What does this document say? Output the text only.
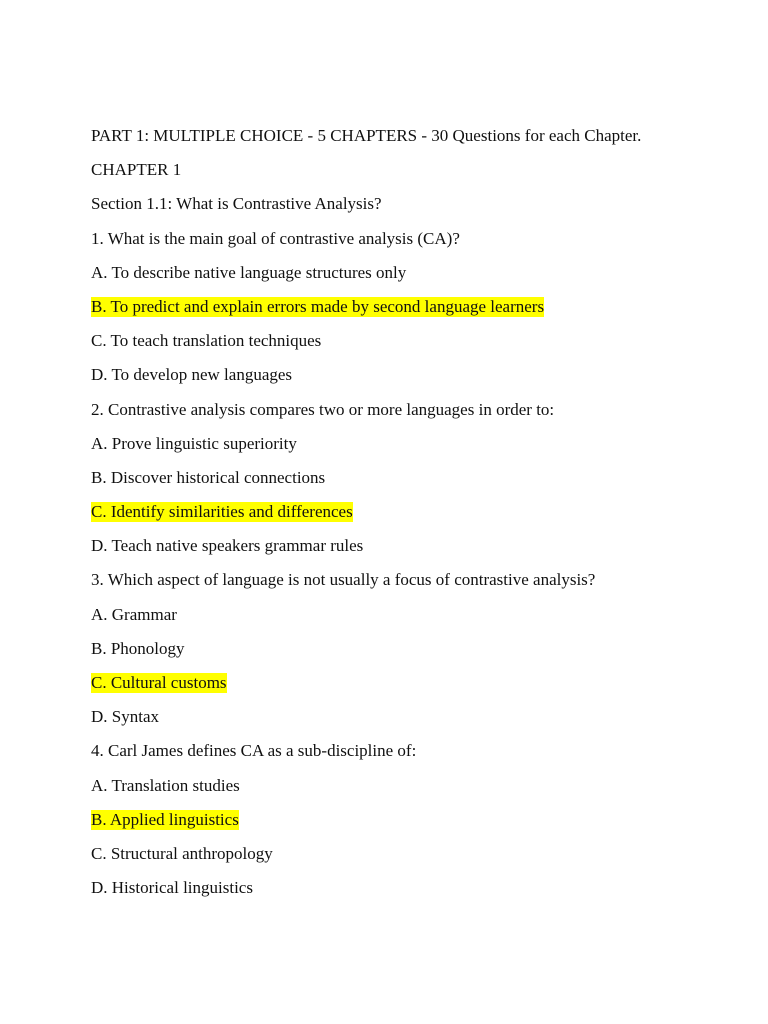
PART 1: MULTIPLE CHOICE - 5 CHAPTERS - 30 Questions for each Chapter.
CHAPTER 1
Section 1.1: What is Contrastive Analysis?
1. What is the main goal of contrastive analysis (CA)?
A. To describe native language structures only
B. To predict and explain errors made by second language learners
C. To teach translation techniques
D. To develop new languages
2. Contrastive analysis compares two or more languages in order to:
A. Prove linguistic superiority
B. Discover historical connections
C. Identify similarities and differences
D. Teach native speakers grammar rules
3. Which aspect of language is not usually a focus of contrastive analysis?
A. Grammar
B. Phonology
C. Cultural customs
D. Syntax
4. Carl James defines CA as a sub-discipline of:
A. Translation studies
B. Applied linguistics
C. Structural anthropology
D. Historical linguistics
